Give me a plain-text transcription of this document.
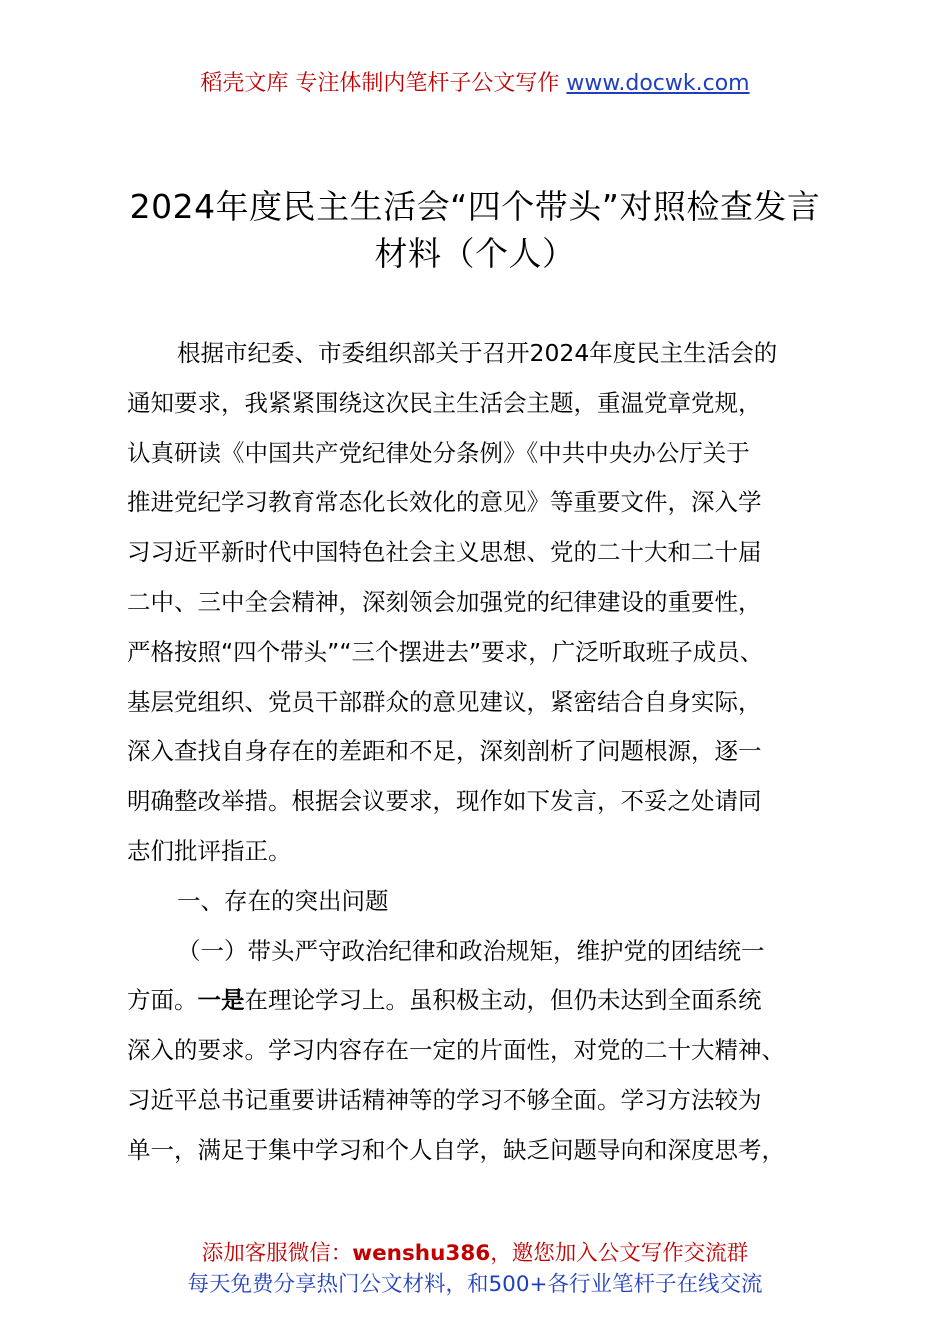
稻壳文库 专注体制内笔杆子公文写作 www.docwk.com
2024年度民主生活会“四个带头”对照检查发言
材料（个人）
根据市纪委、市委组织部关于召开2024年度民主生活会的
通知要求，我紧紧围绕这次民主生活会主题，重温党章党规，
认真研读《中国共产党纪律处分条例》《中共中央办公厅关于
推进党纪学习教育常态化长效化的意见》等重要文件，深入学
习习近平新时代中国特色社会主义思想、党的二十大和二十届
二中、三中全会精神，深刻领会加强党的纪律建设的重要性，
严格按照“四个带头”“三个摆进去”要求，广泛听取班子成员、
基层党组织、党员干部群众的意见建议，紧密结合自身实际，
深入查找自身存在的差距和不足，深刻剖析了问题根源，逐一
明确整改举措。根据会议要求，现作如下发言，不妥之处请同
志们批评指正。
一、存在的突出问题
（一）带头严守政治纪律和政治规矩，维护党的团结统一
方面。一是在理论学习上。虽积极主动，但仍未达到全面系统
深入的要求。学习内容存在一定的片面性，对党的二十大精神、
习近平总书记重要讲话精神等的学习不够全面。学习方法较为
单一，满足于集中学习和个人自学，缺乏问题导向和深度思考，
添加客服微信：wenshu386，邀您加入公文写作交流群
每天免费分享热门公文材料，和500+各行业笔杆子在线交流
